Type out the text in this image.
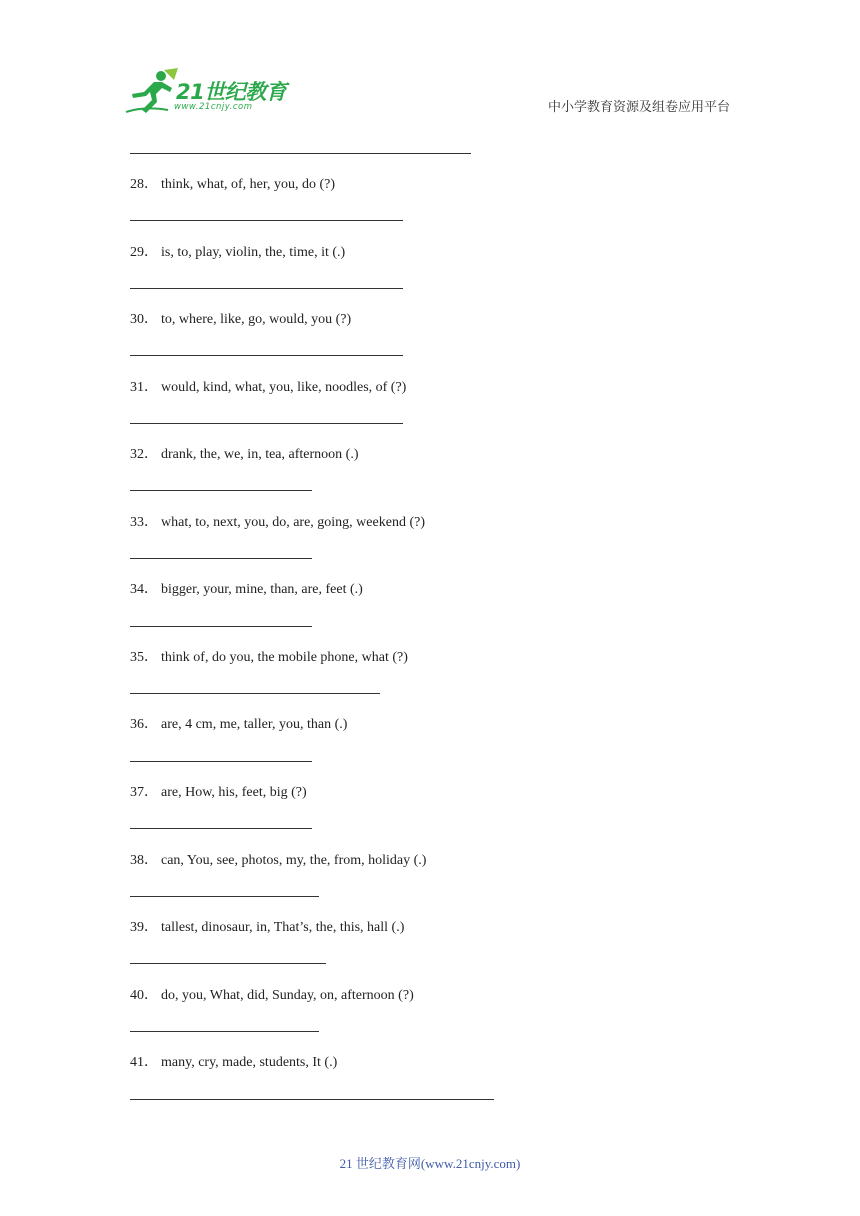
21世纪教育
www.21cnjy.com	中小学教育资源及组卷应用平台
28． think, what, of, her, you, do (?)
29． is, to, play, violin, the, time, it (.)
30． to, where, like, go, would, you (?)
31． would, kind, what, you, like, noodles, of (?)
32． drank, the, we, in, tea, afternoon (.)
33． what, to, next, you, do, are, going, weekend (?)
34． bigger, your, mine, than, are, feet (.)
35． think of, do you, the mobile phone, what (?)
36． are, 4 cm, me, taller, you, than (.)
37． are, How, his, feet, big (?)
38． can, You, see, photos, my, the, from, holiday (.)
39． tallest, dinosaur, in, That’s, the, this, hall (.)
40． do, you, What, did, Sunday, on, afternoon (?)
41． many, cry, made, students, It (.)
21 世纪教育网(www.21cnjy.com)
